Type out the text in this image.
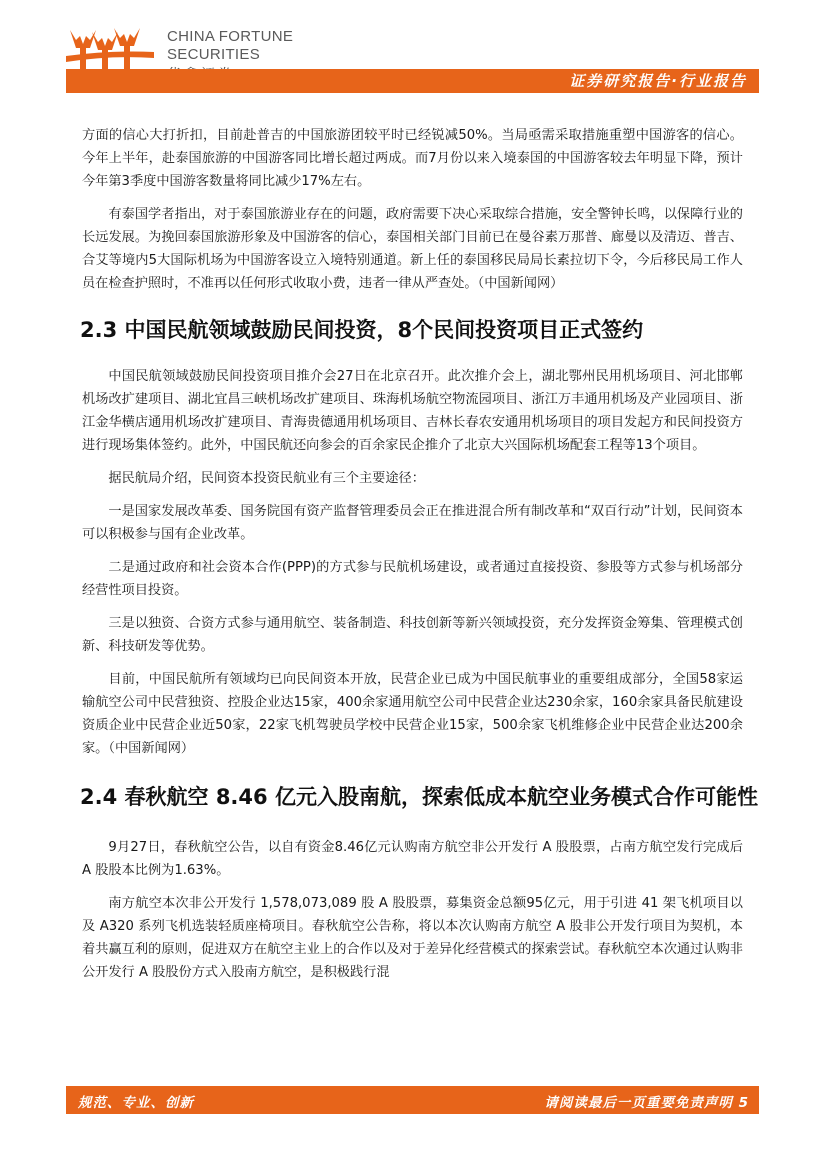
CHINA FORTUNE
SECURITIES
证券研究报告·行业报告

方面的信心大打折扣，目前赴普吉的中国旅游团较平时已经锐减50%。当局亟需采取措施重塑中国游客的信心。今年上半年，赴泰国旅游的中国游客同比增长超过两成。而7月份以来入境泰国的中国游客较去年明显下降，预计今年第3季度中国游客数量将同比减少17%左右。

有泰国学者指出，对于泰国旅游业存在的问题，政府需要下决心采取综合措施，安全警钟长鸣，以保障行业的长远发展。为挽回泰国旅游形象及中国游客的信心，泰国相关部门目前已在曼谷素万那普、廊曼以及清迈、普吉、合艾等境内5大国际机场为中国游客设立入境特别通道。新上任的泰国移民局局长素拉切下令，今后移民局工作人员在检查护照时，不准再以任何形式收取小费，违者一律从严查处。（中国新闻网）

2.3 中国民航领域鼓励民间投资，8个民间投资项目正式签约

中国民航领域鼓励民间投资项目推介会27日在北京召开。此次推介会上，湖北鄂州民用机场项目、河北邯郸机场改扩建项目、湖北宜昌三峡机场改扩建项目、珠海机场航空物流园项目、浙江万丰通用机场及产业园项目、浙江金华横店通用机场改扩建项目、青海贵德通用机场项目、吉林长春农安通用机场项目的项目发起方和民间投资方进行现场集体签约。此外，中国民航还向参会的百余家民企推介了北京大兴国际机场配套工程等13个项目。

据民航局介绍，民间资本投资民航业有三个主要途径：

一是国家发展改革委、国务院国有资产监督管理委员会正在推进混合所有制改革和“双百行动”计划，民间资本可以积极参与国有企业改革。

二是通过政府和社会资本合作(PPP)的方式参与民航机场建设，或者通过直接投资、参股等方式参与机场部分经营性项目投资。

三是以独资、合资方式参与通用航空、装备制造、科技创新等新兴领域投资，充分发挥资金筹集、管理模式创新、科技研发等优势。

目前，中国民航所有领域均已向民间资本开放，民营企业已成为中国民航事业的重要组成部分，全国58家运输航空公司中民营独资、控股企业达15家，400余家通用航空公司中民营企业达230余家，160余家具备民航建设资质企业中民营企业近50家，22家飞机驾驶员学校中民营企业15家，500余家飞机维修企业中民营企业达200余家。（中国新闻网）

2.4 春秋航空 8.46 亿元入股南航，探索低成本航空业务模式合作可能性

9月27日，春秋航空公告，以自有资金8.46亿元认购南方航空非公开发行 A 股股票，占南方航空发行完成后 A 股股本比例为1.63%。

南方航空本次非公开发行 1,578,073,089 股 A 股股票，募集资金总额95亿元，用于引进 41 架飞机项目以及 A320 系列飞机选装轻质座椅项目。春秋航空公告称，将以本次认购南方航空 A 股非公开发行项目为契机，本着共赢互利的原则，促进双方在航空主业上的合作以及对于差异化经营模式的探索尝试。春秋航空本次通过认购非公开发行 A 股股份方式入股南方航空，是积极践行混

规范、专业、创新	请阅读最后一页重要免责声明 5
